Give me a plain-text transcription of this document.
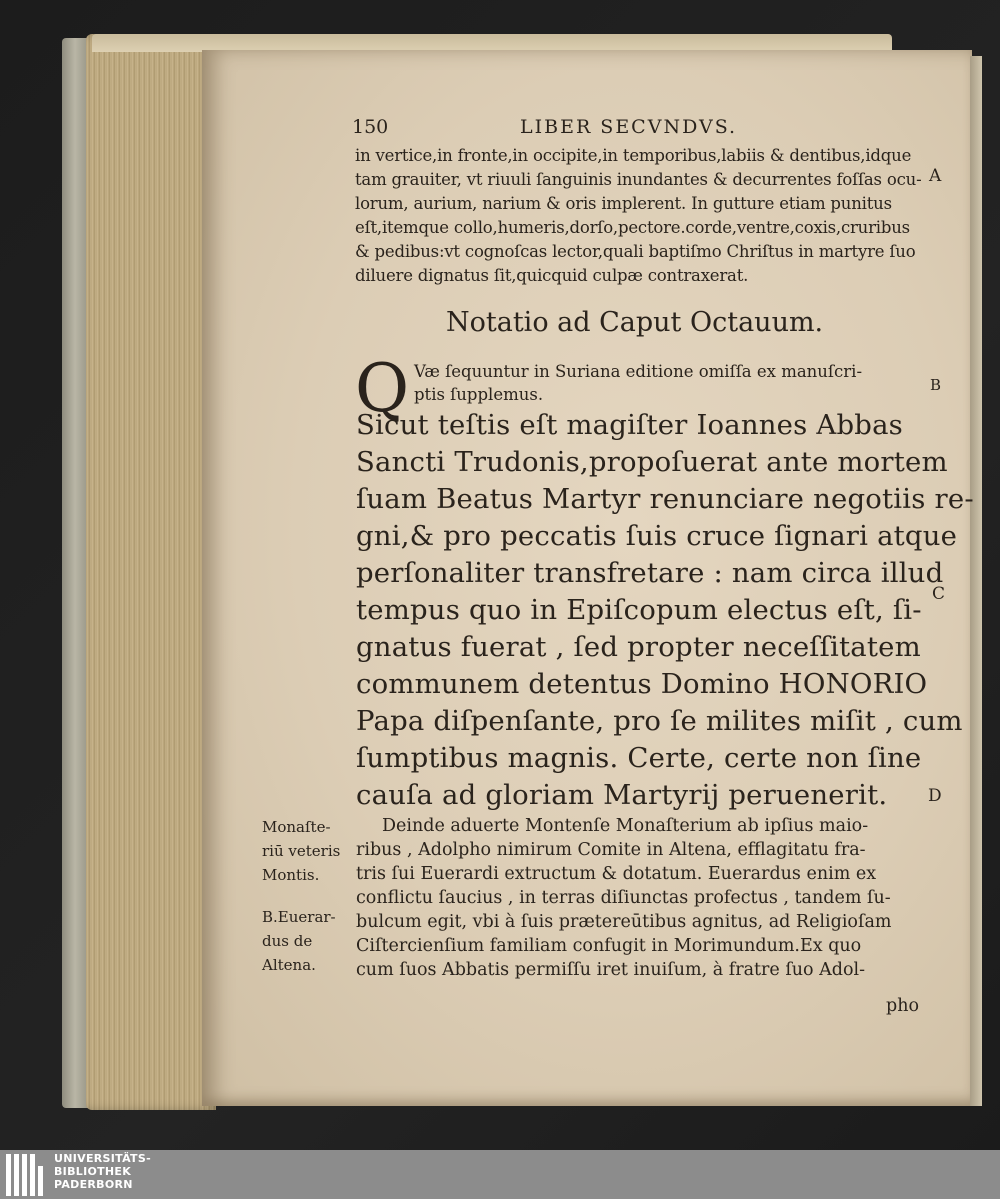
150	LIBER SECVNDVS.
in vertice,in fronte,in occipite,in temporibus,labiis & dentibus,idque
tam grauiter, vt riuuli ſanguinis inundantes & decurrentes foſſas ocu-
lorum, aurium, narium & oris implerent. In gutture etiam punitus
eſt,itemque collo,humeris,dorſo,pectore.corde,ventre,coxis,cruribus
& pedibus:vt cognoſcas lector,quali baptiſmo Chriſtus in martyre ſuo
diluere dignatus ſit,quicquid culpæ contraxerat.
A
B
C
D
Notatio ad Caput Octauum.
Q Væ ſequuntur in Suriana editione omiſſa ex manuſcri-
ptis ſupplemus.
Sicut teſtis eſt magiſter Ioannes Abbas
Sancti Trudonis,propoſuerat ante mortem
ſuam Beatus Martyr renunciare negotiis re-
gni,& pro peccatis ſuis cruce ſignari atque
perſonaliter transfretare : nam circa illud
tempus quo in Epiſcopum electus eſt, ſi-
gnatus fuerat , ſed propter neceſſitatem
communem detentus Domino HONORIO
Papa diſpenſante, pro ſe milites miſit , cum
ſumptibus magnis. Certe, certe non ſine
cauſa ad gloriam Martyrij peruenerit.
Monaſte-
riū veteris
Montis.
B.Euerar-
dus de
Altena.
Deinde aduerte Montenſe Monaſterium ab ipſius maio-
ribus , Adolpho nimirum Comite in Altena, efflagitatu fra-
tris ſui Euerardi extructum & dotatum. Euerardus enim ex
conflictu ſaucius , in terras diſiunctas profectus , tandem ſu-
bulcum egit, vbi à ſuis prætereūtibus agnitus, ad Religioſam
Ciſtercienſium familiam confugit in Morimundum.Ex quo
cum ſuos Abbatis permiſſu iret inuiſum, à fratre ſuo Adol-
pho
UNIVERSITÄTS-
BIBLIOTHEK
PADERBORN
